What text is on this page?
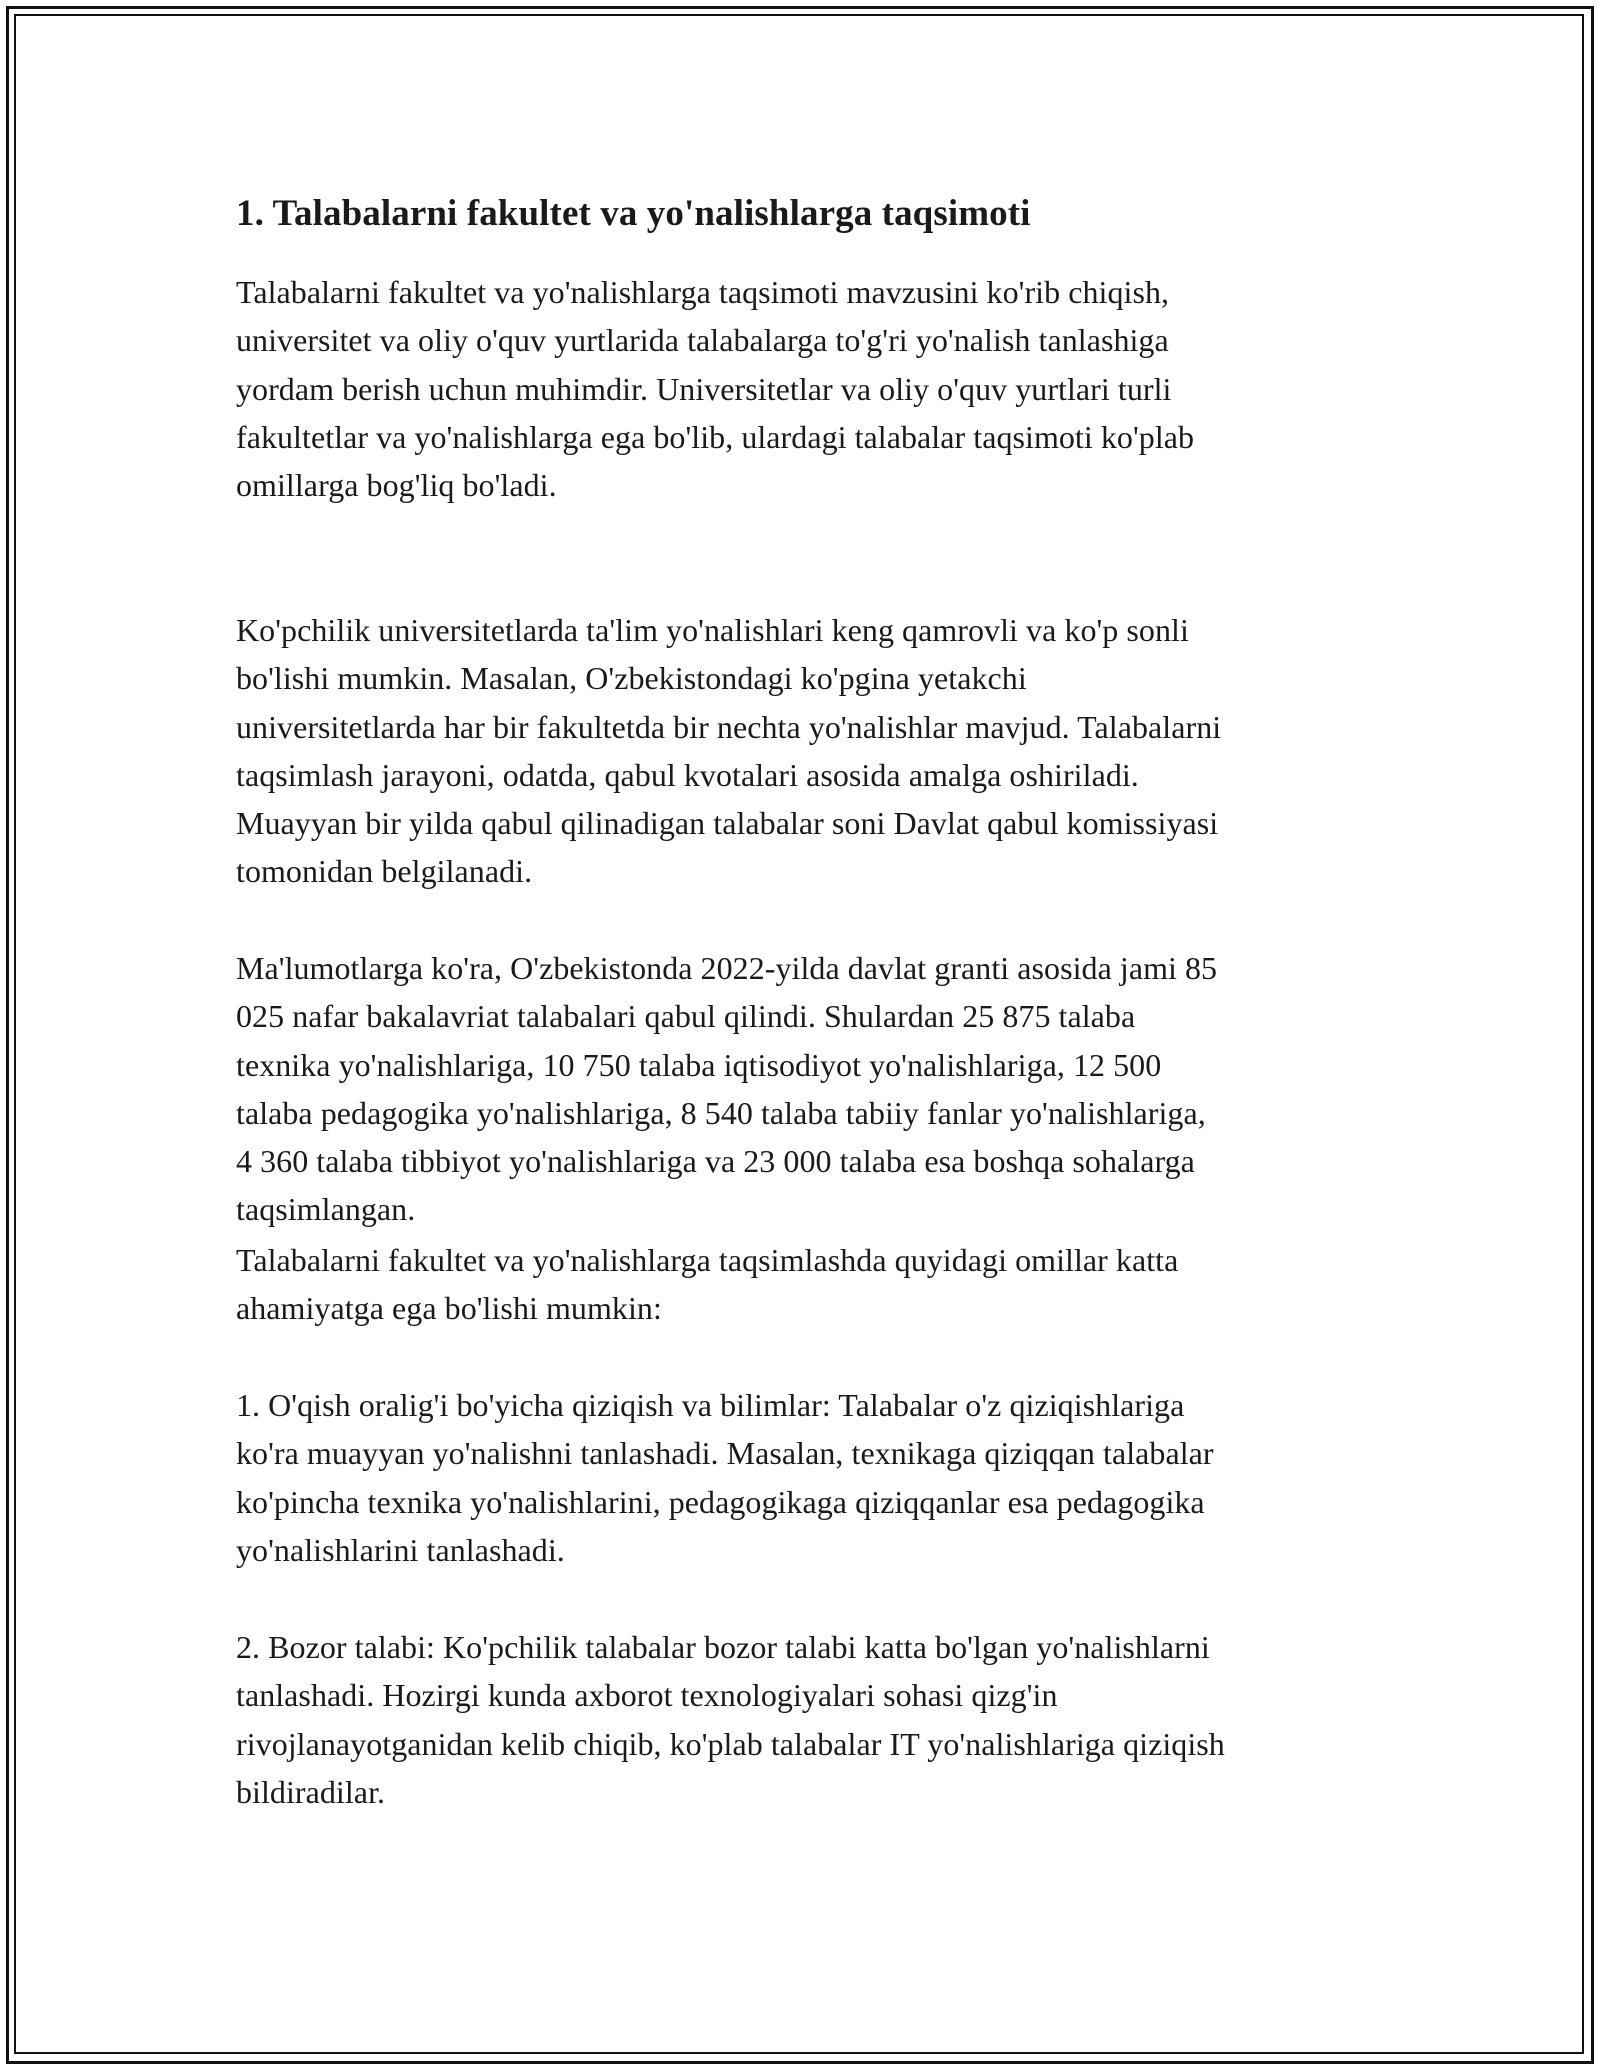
1. Talabalarni fakultet va yo'nalishlarga taqsimoti

Talabalarni fakultet va yo'nalishlarga taqsimoti mavzusini ko'rib chiqish,
universitet va oliy o'quv yurtlarida talabalarga to'g'ri yo'nalish tanlashiga
yordam berish uchun muhimdir. Universitetlar va oliy o'quv yurtlari turli
fakultetlar va yo'nalishlarga ega bo'lib, ulardagi talabalar taqsimoti ko'plab
omillarga bog'liq bo'ladi.

Ko'pchilik universitetlarda ta'lim yo'nalishlari keng qamrovli va ko'p sonli
bo'lishi mumkin. Masalan, O'zbekistondagi ko'pgina yetakchi
universitetlarda har bir fakultetda bir nechta yo'nalishlar mavjud. Talabalarni
taqsimlash jarayoni, odatda, qabul kvotalari asosida amalga oshiriladi.
Muayyan bir yilda qabul qilinadigan talabalar soni Davlat qabul komissiyasi
tomonidan belgilanadi.

Ma'lumotlarga ko'ra, O'zbekistonda 2022-yilda davlat granti asosida jami 85
025 nafar bakalavriat talabalari qabul qilindi. Shulardan 25 875 talaba
texnika yo'nalishlariga, 10 750 talaba iqtisodiyot yo'nalishlariga, 12 500
talaba pedagogika yo'nalishlariga, 8 540 talaba tabiiy fanlar yo'nalishlariga,
4 360 talaba tibbiyot yo'nalishlariga va 23 000 talaba esa boshqa sohalarga
taqsimlangan.

Talabalarni fakultet va yo'nalishlarga taqsimlashda quyidagi omillar katta
ahamiyatga ega bo'lishi mumkin:

1. O'qish oralig'i bo'yicha qiziqish va bilimlar: Talabalar o'z qiziqishlariga
ko'ra muayyan yo'nalishni tanlashadi. Masalan, texnikaga qiziqqan talabalar
ko'pincha texnika yo'nalishlarini, pedagogikaga qiziqqanlar esa pedagogika
yo'nalishlarini tanlashadi.

2. Bozor talabi: Ko'pchilik talabalar bozor talabi katta bo'lgan yo'nalishlarni
tanlashadi. Hozirgi kunda axborot texnologiyalari sohasi qizg'in
rivojlanayotganidan kelib chiqib, ko'plab talabalar IT yo'nalishlariga qiziqish
bildiradilar.
